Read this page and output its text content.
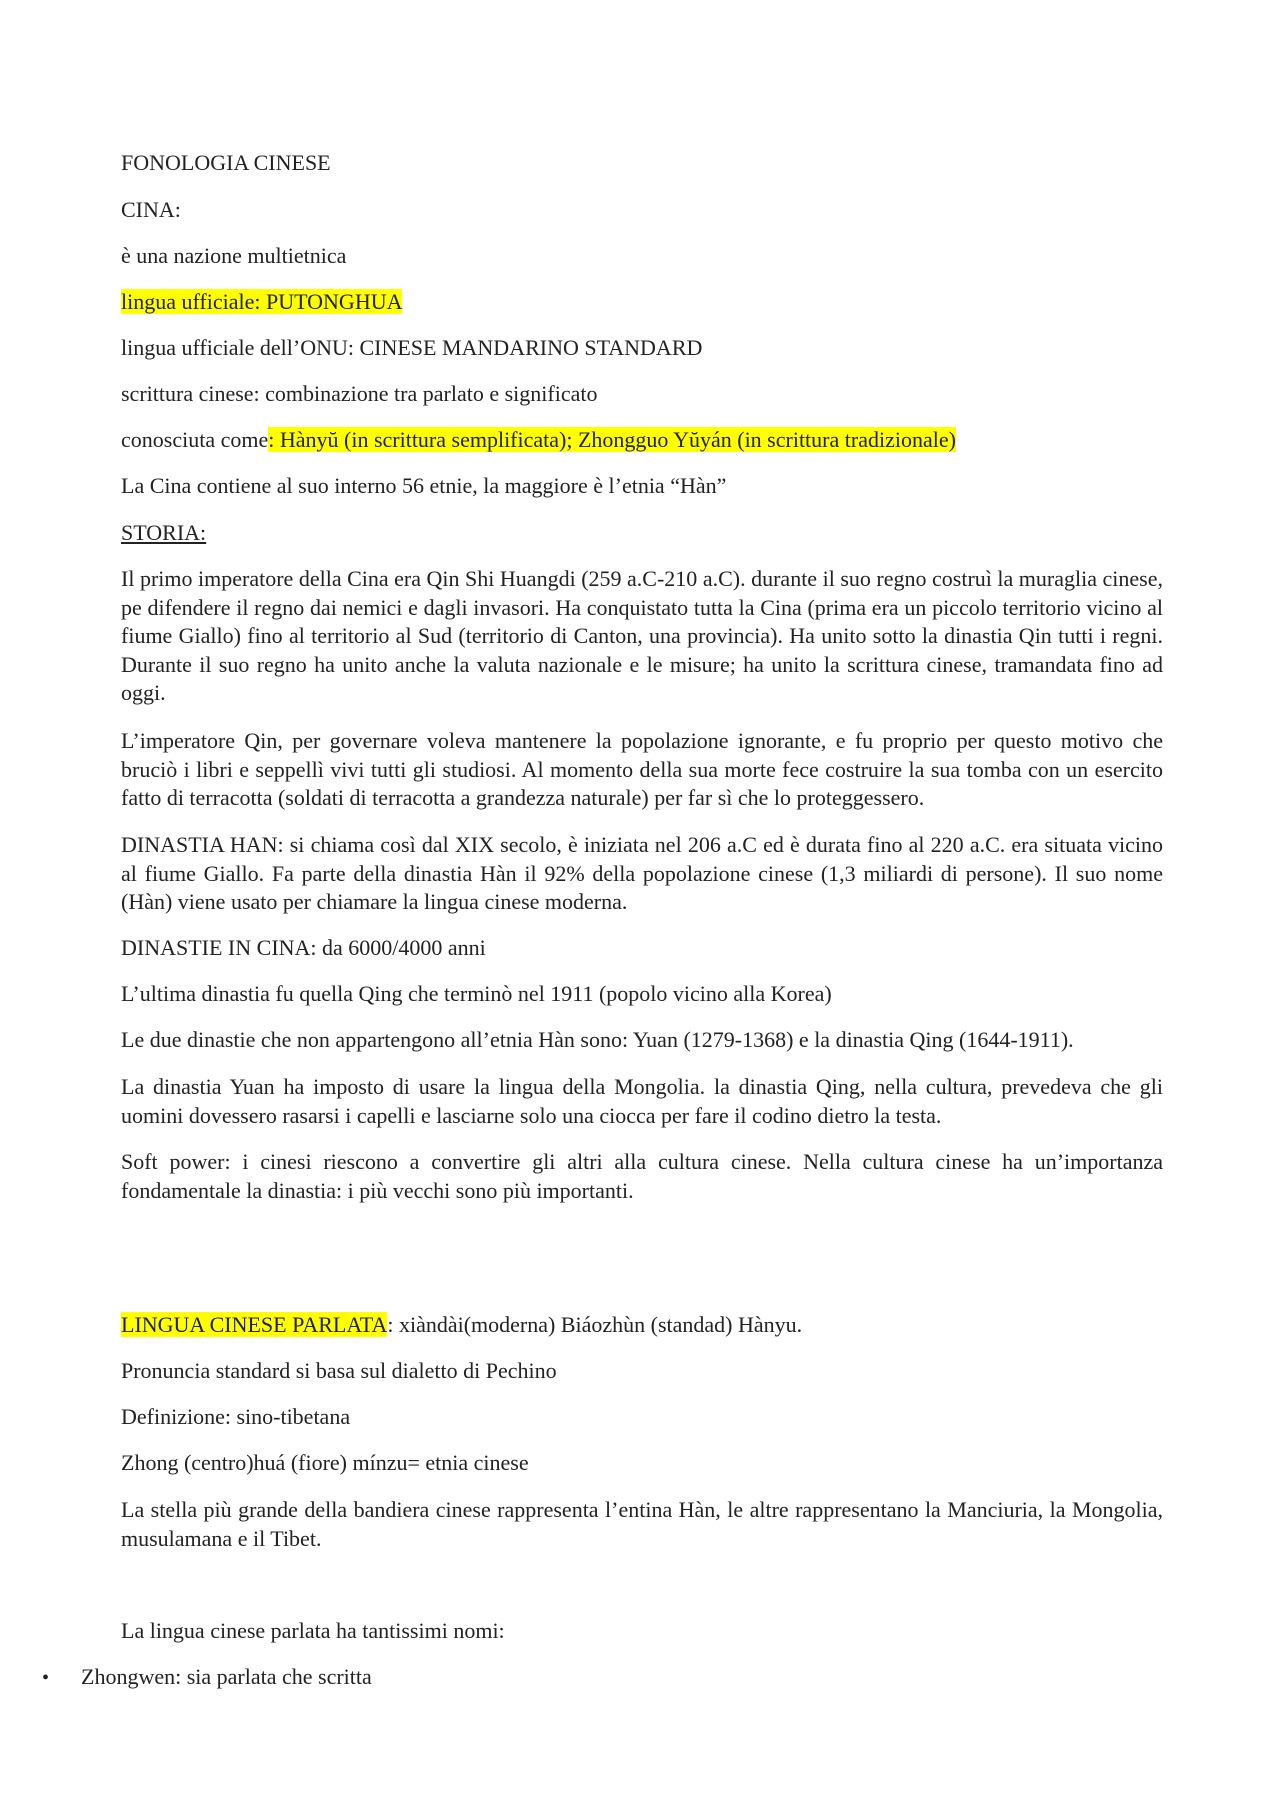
FONOLOGIA CINESE

CINA:

è una nazione multietnica

lingua ufficiale: PUTONGHUA

lingua ufficiale dell’ONU: CINESE MANDARINO STANDARD

scrittura cinese: combinazione tra parlato e significato

conosciuta come: Hànyŭ (in scrittura semplificata); Zhongguo Yŭyán (in scrittura tradizionale)

La Cina contiene al suo interno 56 etnie, la maggiore è l’etnia “Hàn”

STORIA:

Il primo imperatore della Cina era Qin Shi Huangdi (259 a.C-210 a.C). durante il suo regno costruì la muraglia cinese, pe difendere il regno dai nemici e dagli invasori. Ha conquistato tutta la Cina (prima era un piccolo territorio vicino al fiume Giallo) fino al territorio al Sud (territorio di Canton, una provincia). Ha unito sotto la dinastia Qin tutti i regni. Durante il suo regno ha unito anche la valuta nazionale e le misure; ha unito la scrittura cinese, tramandata fino ad oggi.

L’imperatore Qin, per governare voleva mantenere la popolazione ignorante, e fu proprio per questo motivo che bruciò i libri e seppellì vivi tutti gli studiosi. Al momento della sua morte fece costruire la sua tomba con un esercito fatto di terracotta (soldati di terracotta a grandezza naturale) per far sì che lo proteggessero.

DINASTIA HAN: si chiama così dal XIX secolo, è iniziata nel 206 a.C ed è durata fino al 220 a.C. era situata vicino al fiume Giallo. Fa parte della dinastia Hàn il 92% della popolazione cinese (1,3 miliardi di persone). Il suo nome (Hàn) viene usato per chiamare la lingua cinese moderna.

DINASTIE IN CINA: da 6000/4000 anni

L’ultima dinastia fu quella Qing che terminò nel 1911 (popolo vicino alla Korea)

Le due dinastie che non appartengono all’etnia Hàn sono: Yuan (1279-1368) e la dinastia Qing (1644-1911).

La dinastia Yuan ha imposto di usare la lingua della Mongolia. la dinastia Qing, nella cultura, prevedeva che gli uomini dovessero rasarsi i capelli e lasciarne solo una ciocca per fare il codino dietro la testa.

Soft power: i cinesi riescono a convertire gli altri alla cultura cinese. Nella cultura cinese ha un’importanza fondamentale la dinastia: i più vecchi sono più importanti.

LINGUA CINESE PARLATA: xiàndài(moderna) Biáozhùn (standad) Hànyu.

Pronuncia standard si basa sul dialetto di Pechino

Definizione: sino-tibetana

Zhong (centro)huá (fiore) mínzu= etnia cinese

La stella più grande della bandiera cinese rappresenta l’entina Hàn, le altre rappresentano la Manciuria, la Mongolia, musulamana e il Tibet.

La lingua cinese parlata ha tantissimi nomi:

• Zhongwen: sia parlata che scritta
